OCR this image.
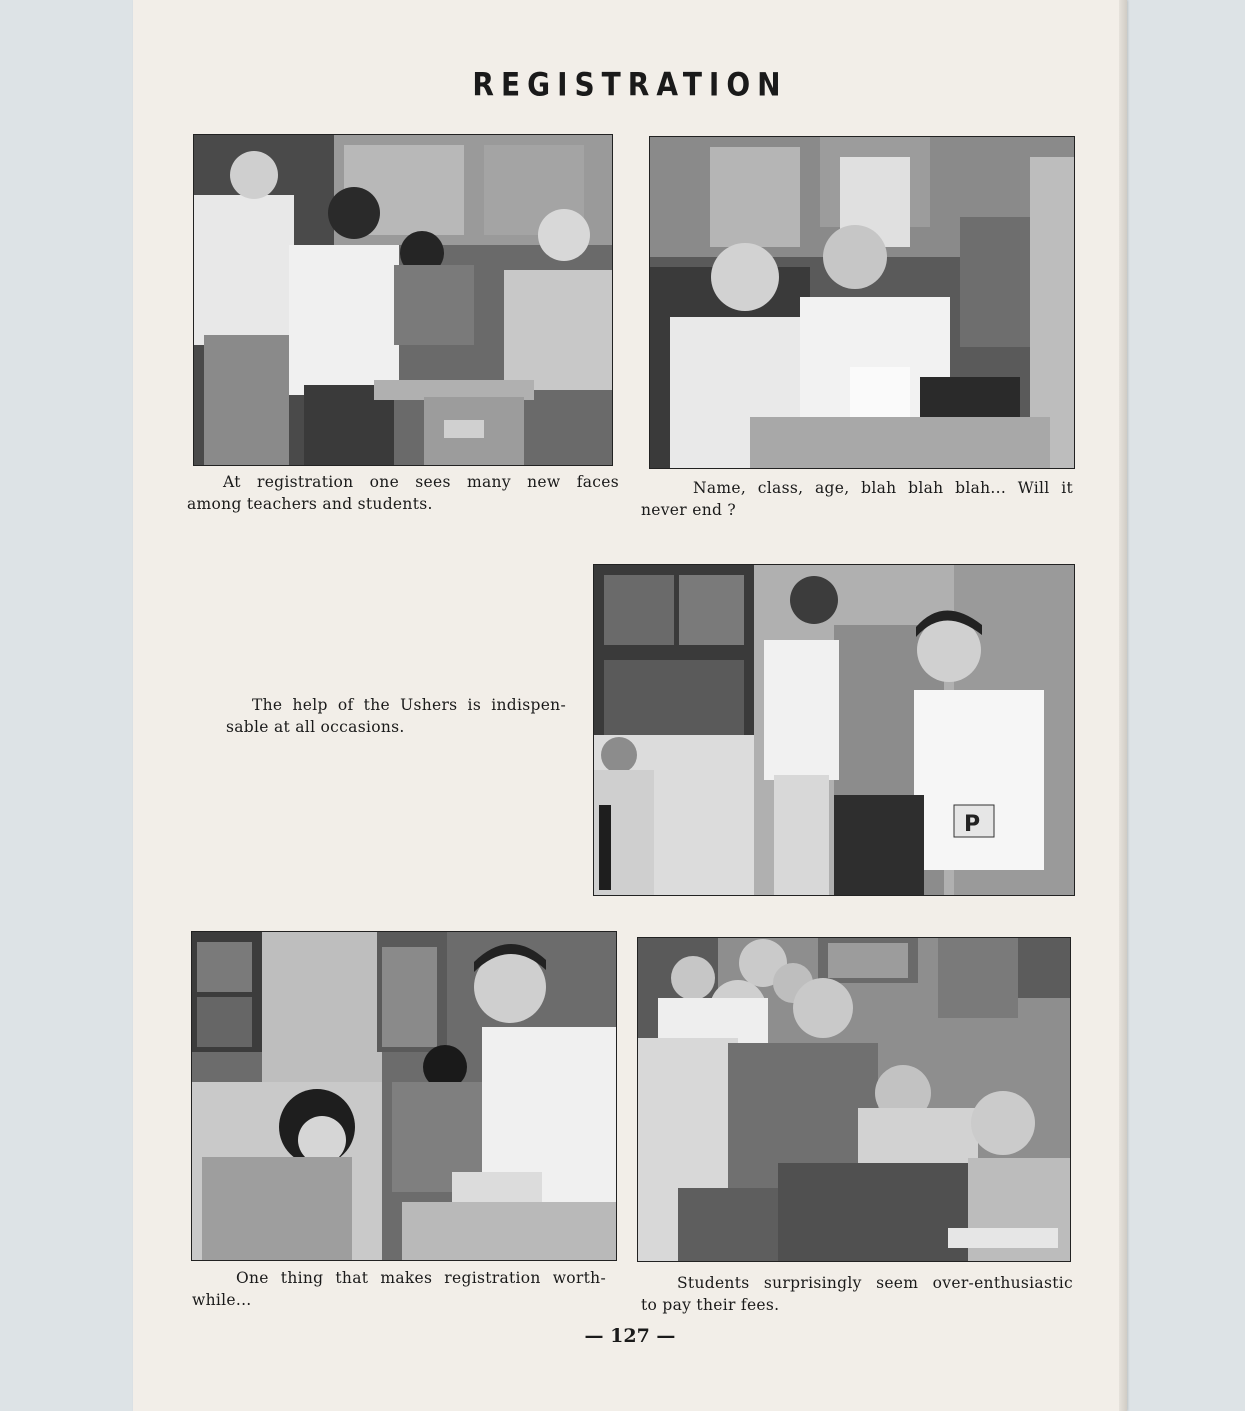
REGISTRATION
At registration one sees many new faces
among teachers and students.
Name, class, age, blah blah blah... Will it
never end ?
The help of the Ushers is indispen-
sable at all occasions.
P
One thing that makes registration worth-
while...
Students surprisingly seem over-enthusiastic
to pay their fees.
— 127 —
